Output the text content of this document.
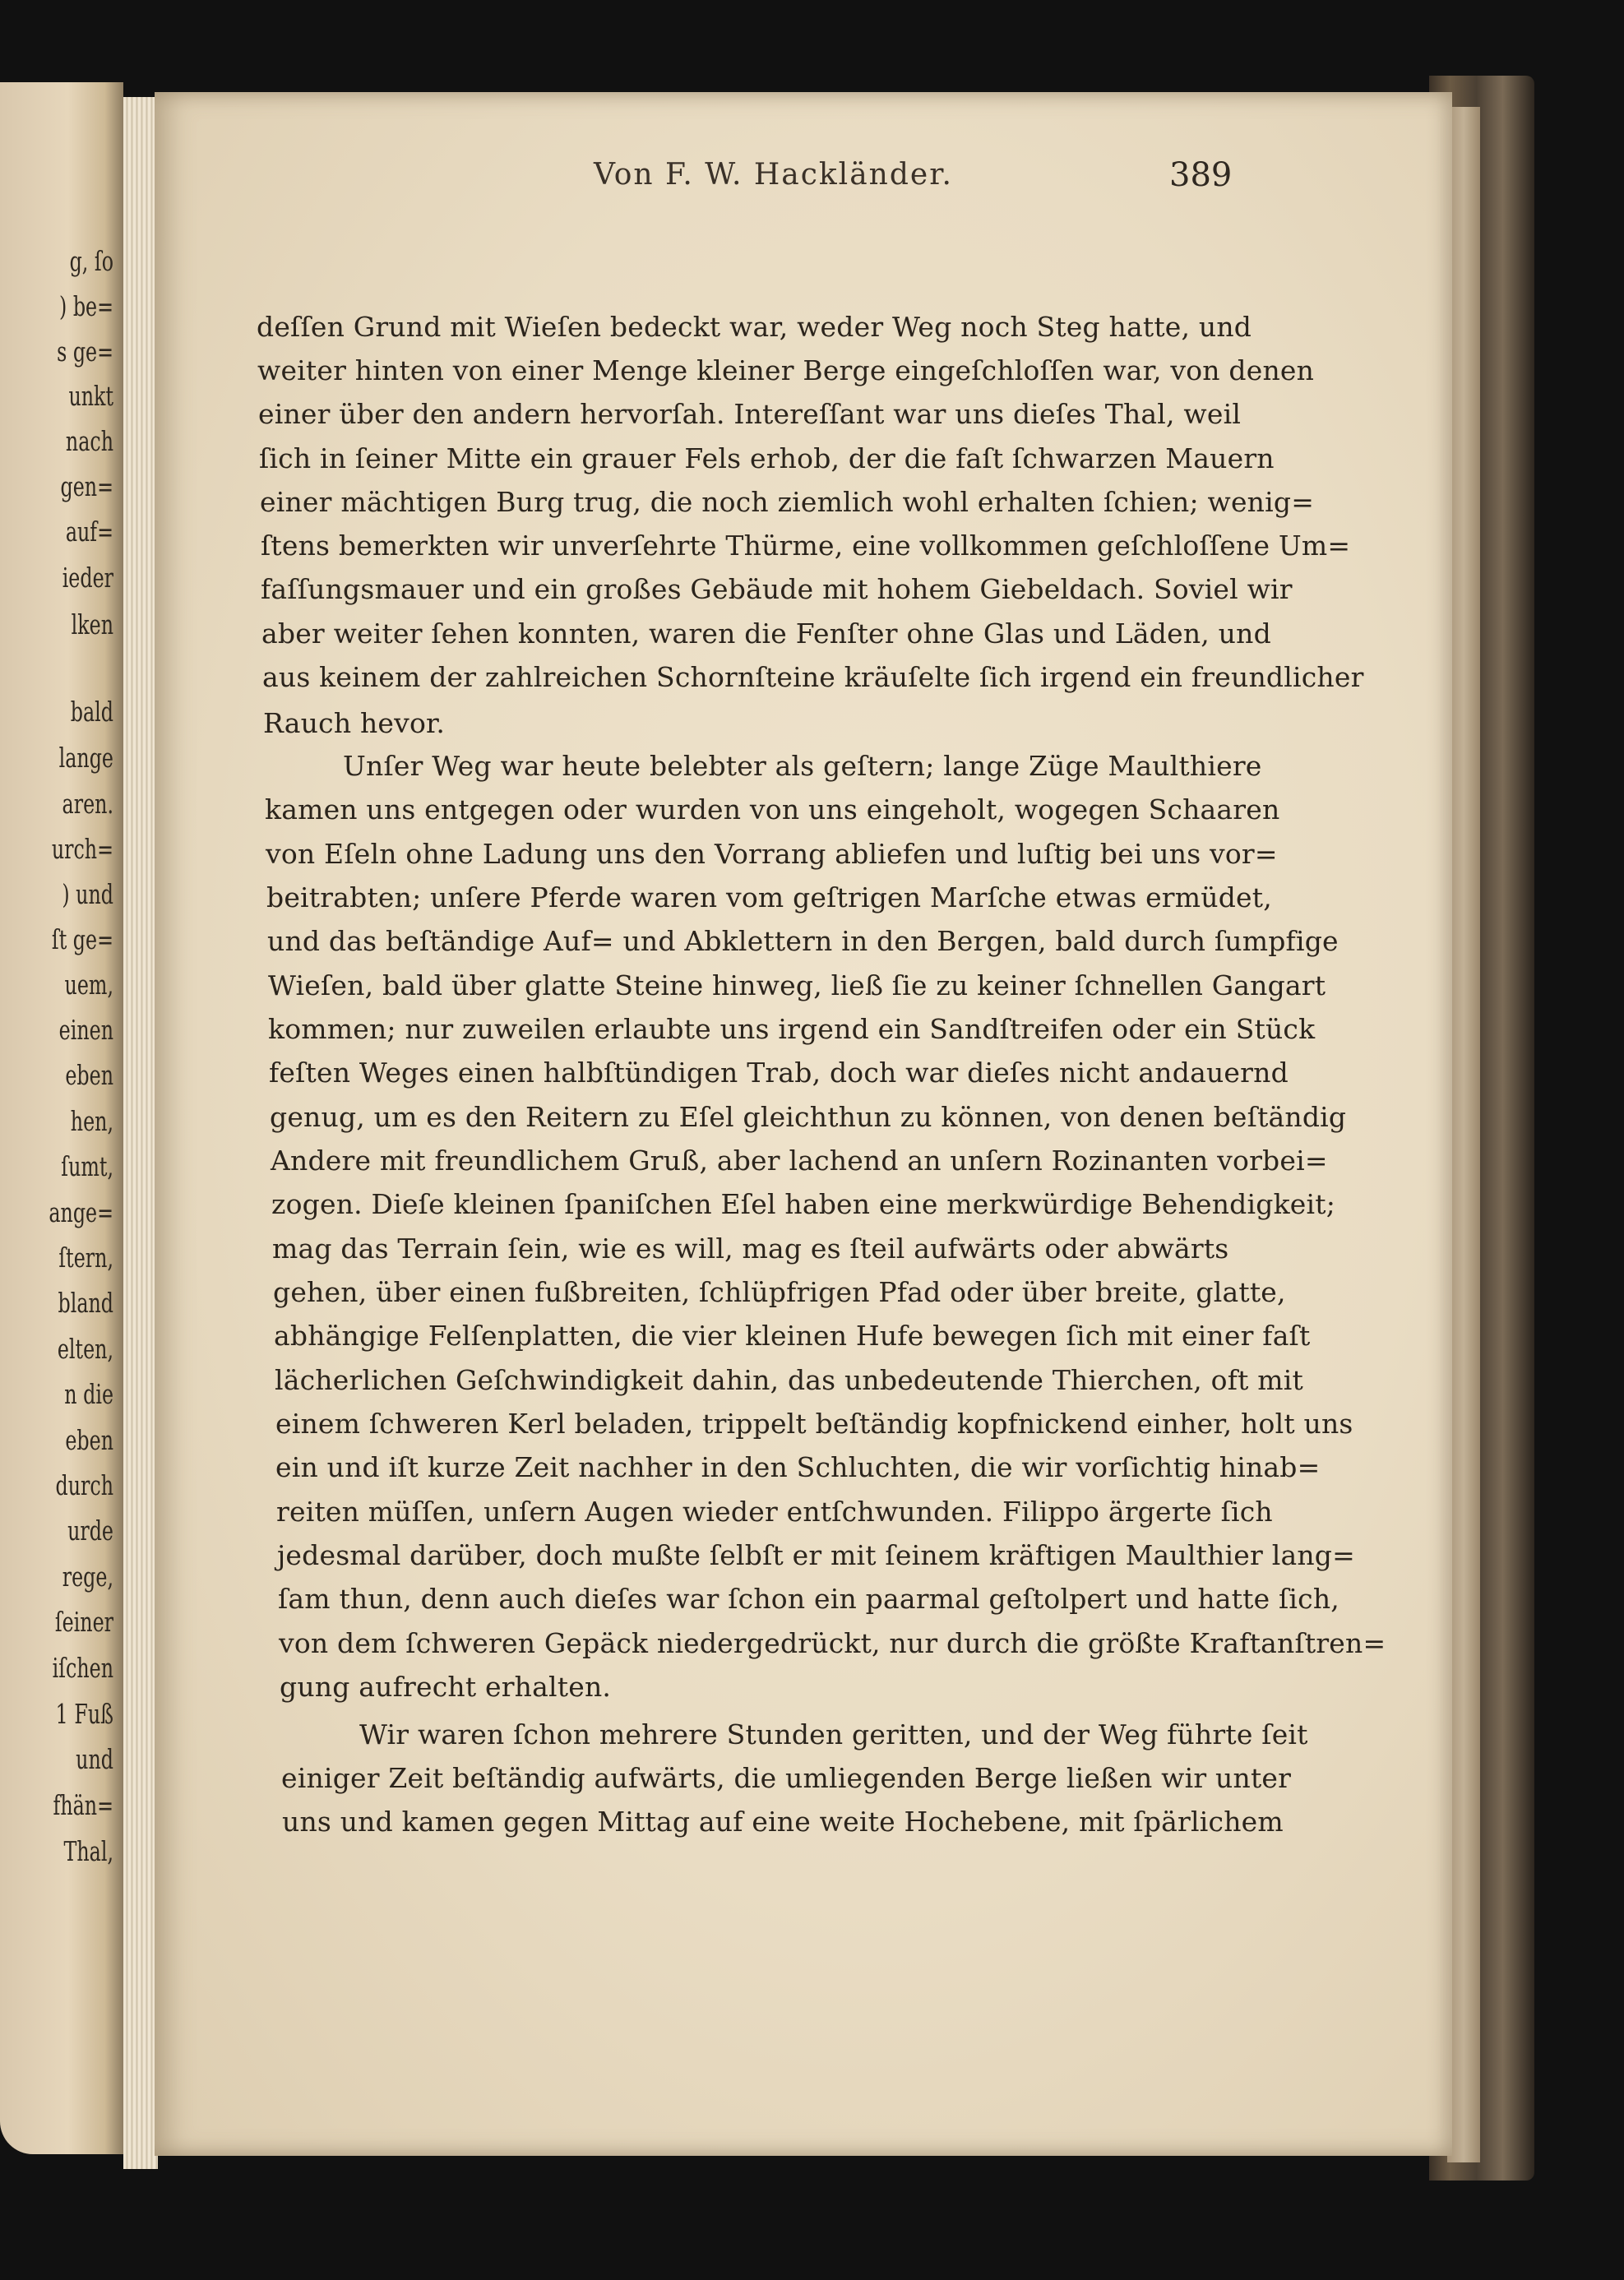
g, ſo
) be=
s ge=
unkt
nach
gen=
auf=
ieder
lken
bald
lange
aren.
urch=
) und
ſt ge=
uem,
einen
eben
hen,
ſumt,
ange=
ſtern,
bland
elten,
n die
eben
durch
urde
rege,
ſeiner
iſchen
1 Fuß
und
fhän=
Thal,
Von F. W. Hackländer.	389
deſſen Grund mit Wieſen bedeckt war, weder Weg noch Steg hatte, und
weiter hinten von einer Menge kleiner Berge eingeſchloſſen war, von denen
einer über den andern hervorſah. Intereſſant war uns dieſes Thal, weil
ſich in ſeiner Mitte ein grauer Fels erhob, der die faſt ſchwarzen Mauern
einer mächtigen Burg trug, die noch ziemlich wohl erhalten ſchien; wenig=
ſtens bemerkten wir unverſehrte Thürme, eine vollkommen geſchloſſene Um=
faſſungsmauer und ein großes Gebäude mit hohem Giebeldach. Soviel wir
aber weiter ſehen konnten, waren die Fenſter ohne Glas und Läden, und
aus keinem der zahlreichen Schornſteine kräuſelte ſich irgend ein freundlicher
Rauch hevor.
Unſer Weg war heute belebter als geſtern; lange Züge Maulthiere
kamen uns entgegen oder wurden von uns eingeholt, wogegen Schaaren
von Eſeln ohne Ladung uns den Vorrang abliefen und luſtig bei uns vor=
beitrabten; unſere Pferde waren vom geſtrigen Marſche etwas ermüdet,
und das beſtändige Auf= und Abklettern in den Bergen, bald durch ſumpfige
Wieſen, bald über glatte Steine hinweg, ließ ſie zu keiner ſchnellen Gangart
kommen; nur zuweilen erlaubte uns irgend ein Sandſtreifen oder ein Stück
feſten Weges einen halbſtündigen Trab, doch war dieſes nicht andauernd
genug, um es den Reitern zu Eſel gleichthun zu können, von denen beſtändig
Andere mit freundlichem Gruß, aber lachend an unſern Rozinanten vorbei=
zogen. Dieſe kleinen ſpaniſchen Eſel haben eine merkwürdige Behendigkeit;
mag das Terrain ſein, wie es will, mag es ſteil aufwärts oder abwärts
gehen, über einen fußbreiten, ſchlüpfrigen Pfad oder über breite, glatte,
abhängige Felſenplatten, die vier kleinen Hufe bewegen ſich mit einer faſt
lächerlichen Geſchwindigkeit dahin, das unbedeutende Thierchen, oft mit
einem ſchweren Kerl beladen, trippelt beſtändig kopfnickend einher, holt uns
ein und iſt kurze Zeit nachher in den Schluchten, die wir vorſichtig hinab=
reiten müſſen, unſern Augen wieder entſchwunden. Filippo ärgerte ſich
jedesmal darüber, doch mußte ſelbſt er mit ſeinem kräftigen Maulthier lang=
ſam thun, denn auch dieſes war ſchon ein paarmal geſtolpert und hatte ſich,
von dem ſchweren Gepäck niedergedrückt, nur durch die größte Kraftanſtren=
gung aufrecht erhalten.
Wir waren ſchon mehrere Stunden geritten, und der Weg führte ſeit
einiger Zeit beſtändig aufwärts, die umliegenden Berge ließen wir unter
uns und kamen gegen Mittag auf eine weite Hochebene, mit ſpärlichem
